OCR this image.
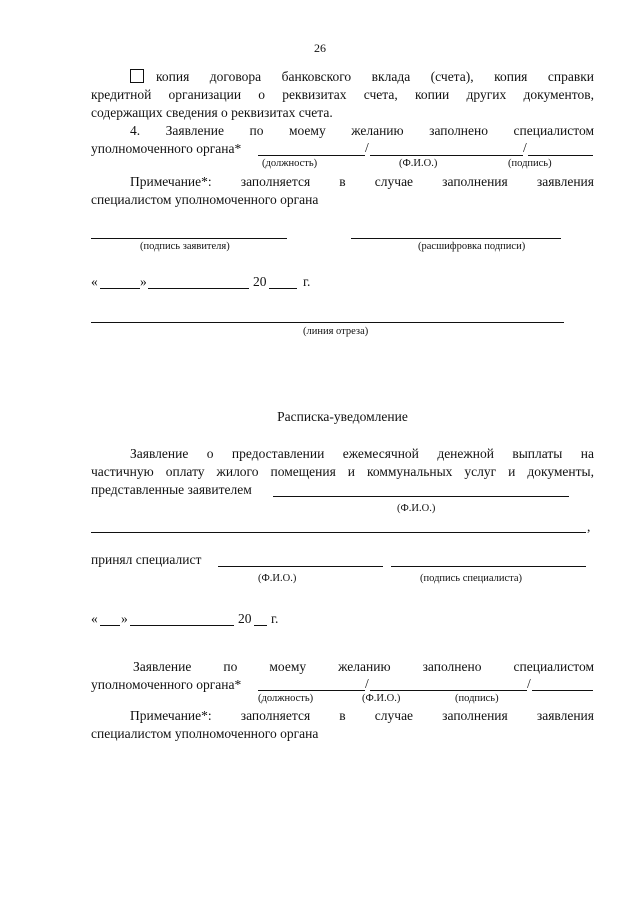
26
копия договора банковского вклада (счета), копия справки
кредитной организации о реквизитах счета, копии других документов,
содержащих сведения о реквизитах счета.
4. Заявление по моему желанию заполнено специалистом
уполномоченного органа*	/	/
(должность)	(Ф.И.О.)	(подпись)
Примечание*: заполняется в случае заполнения заявления
специалистом уполномоченного органа
(подпись заявителя)	(расшифровка подписи)
«	»	20	г.
(линия отреза)
Расписка-уведомление
Заявление о предоставлении ежемесячной денежной выплаты на
частичную оплату жилого помещения и коммунальных услуг и документы,
представленные заявителем
(Ф.И.О.)
,
принял специалист
(Ф.И.О.)	(подпись специалиста)
« »	20 г.
Заявление по моему желанию заполнено специалистом
уполномоченного органа*	/	/
(должность)	(Ф.И.О.)	(подпись)
Примечание*: заполняется в случае заполнения заявления
специалистом уполномоченного органа
